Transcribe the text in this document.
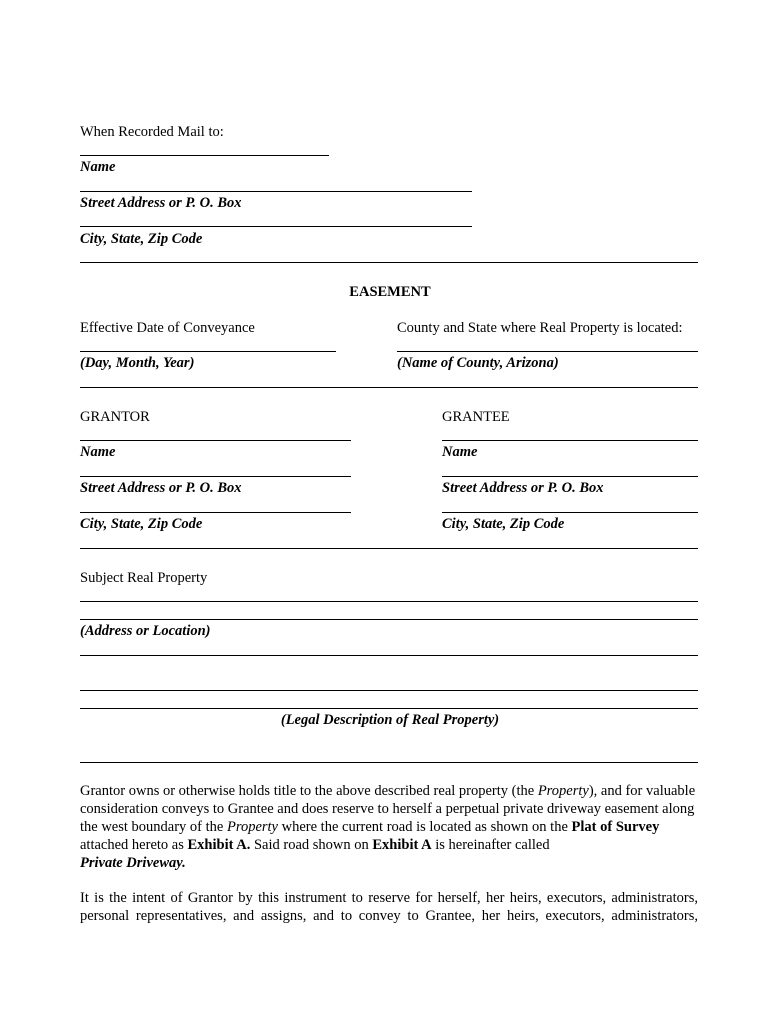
When Recorded Mail to:
Name
Street Address or P. O. Box
City, State, Zip Code
EASEMENT
Effective Date of Conveyance	County and State where Real Property is located:
(Day, Month, Year)	(Name of County, Arizona)
GRANTOR	GRANTEE
Name	Name
Street Address or P. O. Box	Street Address or P. O. Box
City, State, Zip Code	City, State, Zip Code
Subject Real Property
(Address or Location)
(Legal Description of Real Property)

Grantor owns or otherwise holds title to the above described real property (the Property), and for valuable consideration conveys to Grantee and does reserve to herself a perpetual private driveway easement along the west boundary of the Property where the current road is located as shown on the Plat of Survey attached hereto as Exhibit A. Said road shown on Exhibit A is hereinafter called
Private Driveway.

It is the intent of Grantor by this instrument to reserve for herself, her heirs, executors, administrators,
personal representatives, and assigns, and to convey to Grantee, her heirs, executors, administrators,
